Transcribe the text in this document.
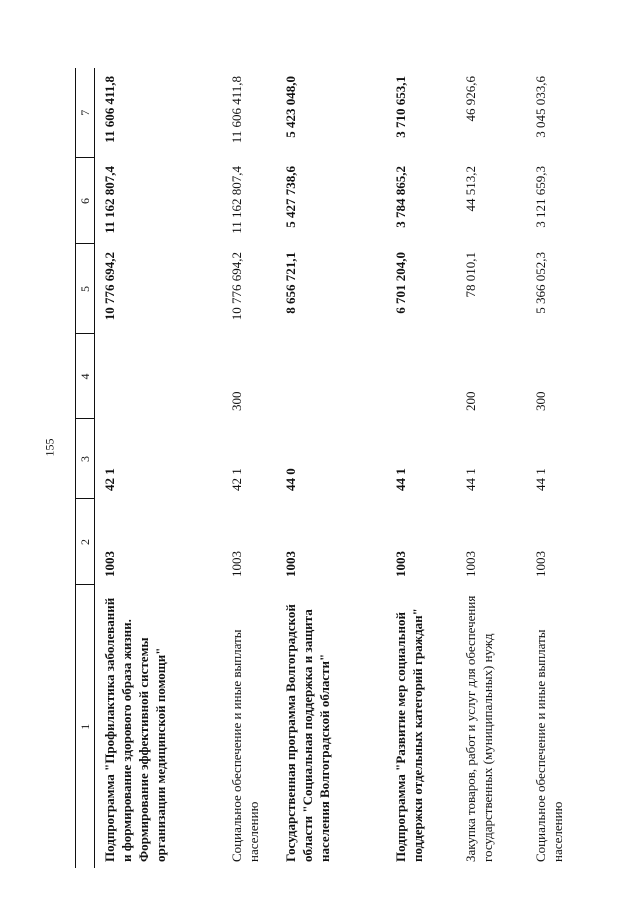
155
1	2	3	4	5	6	7
Подпрограмма "Профилактика заболеваний и формирование здорового образа жизни. Формирование эффективной системы организации медицинской помощи"	1003	42 1		10 776 694,2	11 162 807,4	11 606 411,8
Социальное обеспечение и иные выплаты населению	1003	42 1	300	10 776 694,2	11 162 807,4	11 606 411,8
Государственная программа Волгоградской области "Социальная поддержка и защита населения Волгоградской области"	1003	44 0		8 656 721,1	5 427 738,6	5 423 048,0
Подпрограмма "Развитие мер социальной поддержки отдельных категорий граждан"	1003	44 1		6 701 204,0	3 784 865,2	3 710 653,1
Закупка товаров, работ и услуг для обеспечения государственных (муниципальных) нужд	1003	44 1	200	78 010,1	44 513,2	46 926,6
Социальное обеспечение и иные выплаты населению	1003	44 1	300	5 366 052,3	3 121 659,3	3 045 033,6
